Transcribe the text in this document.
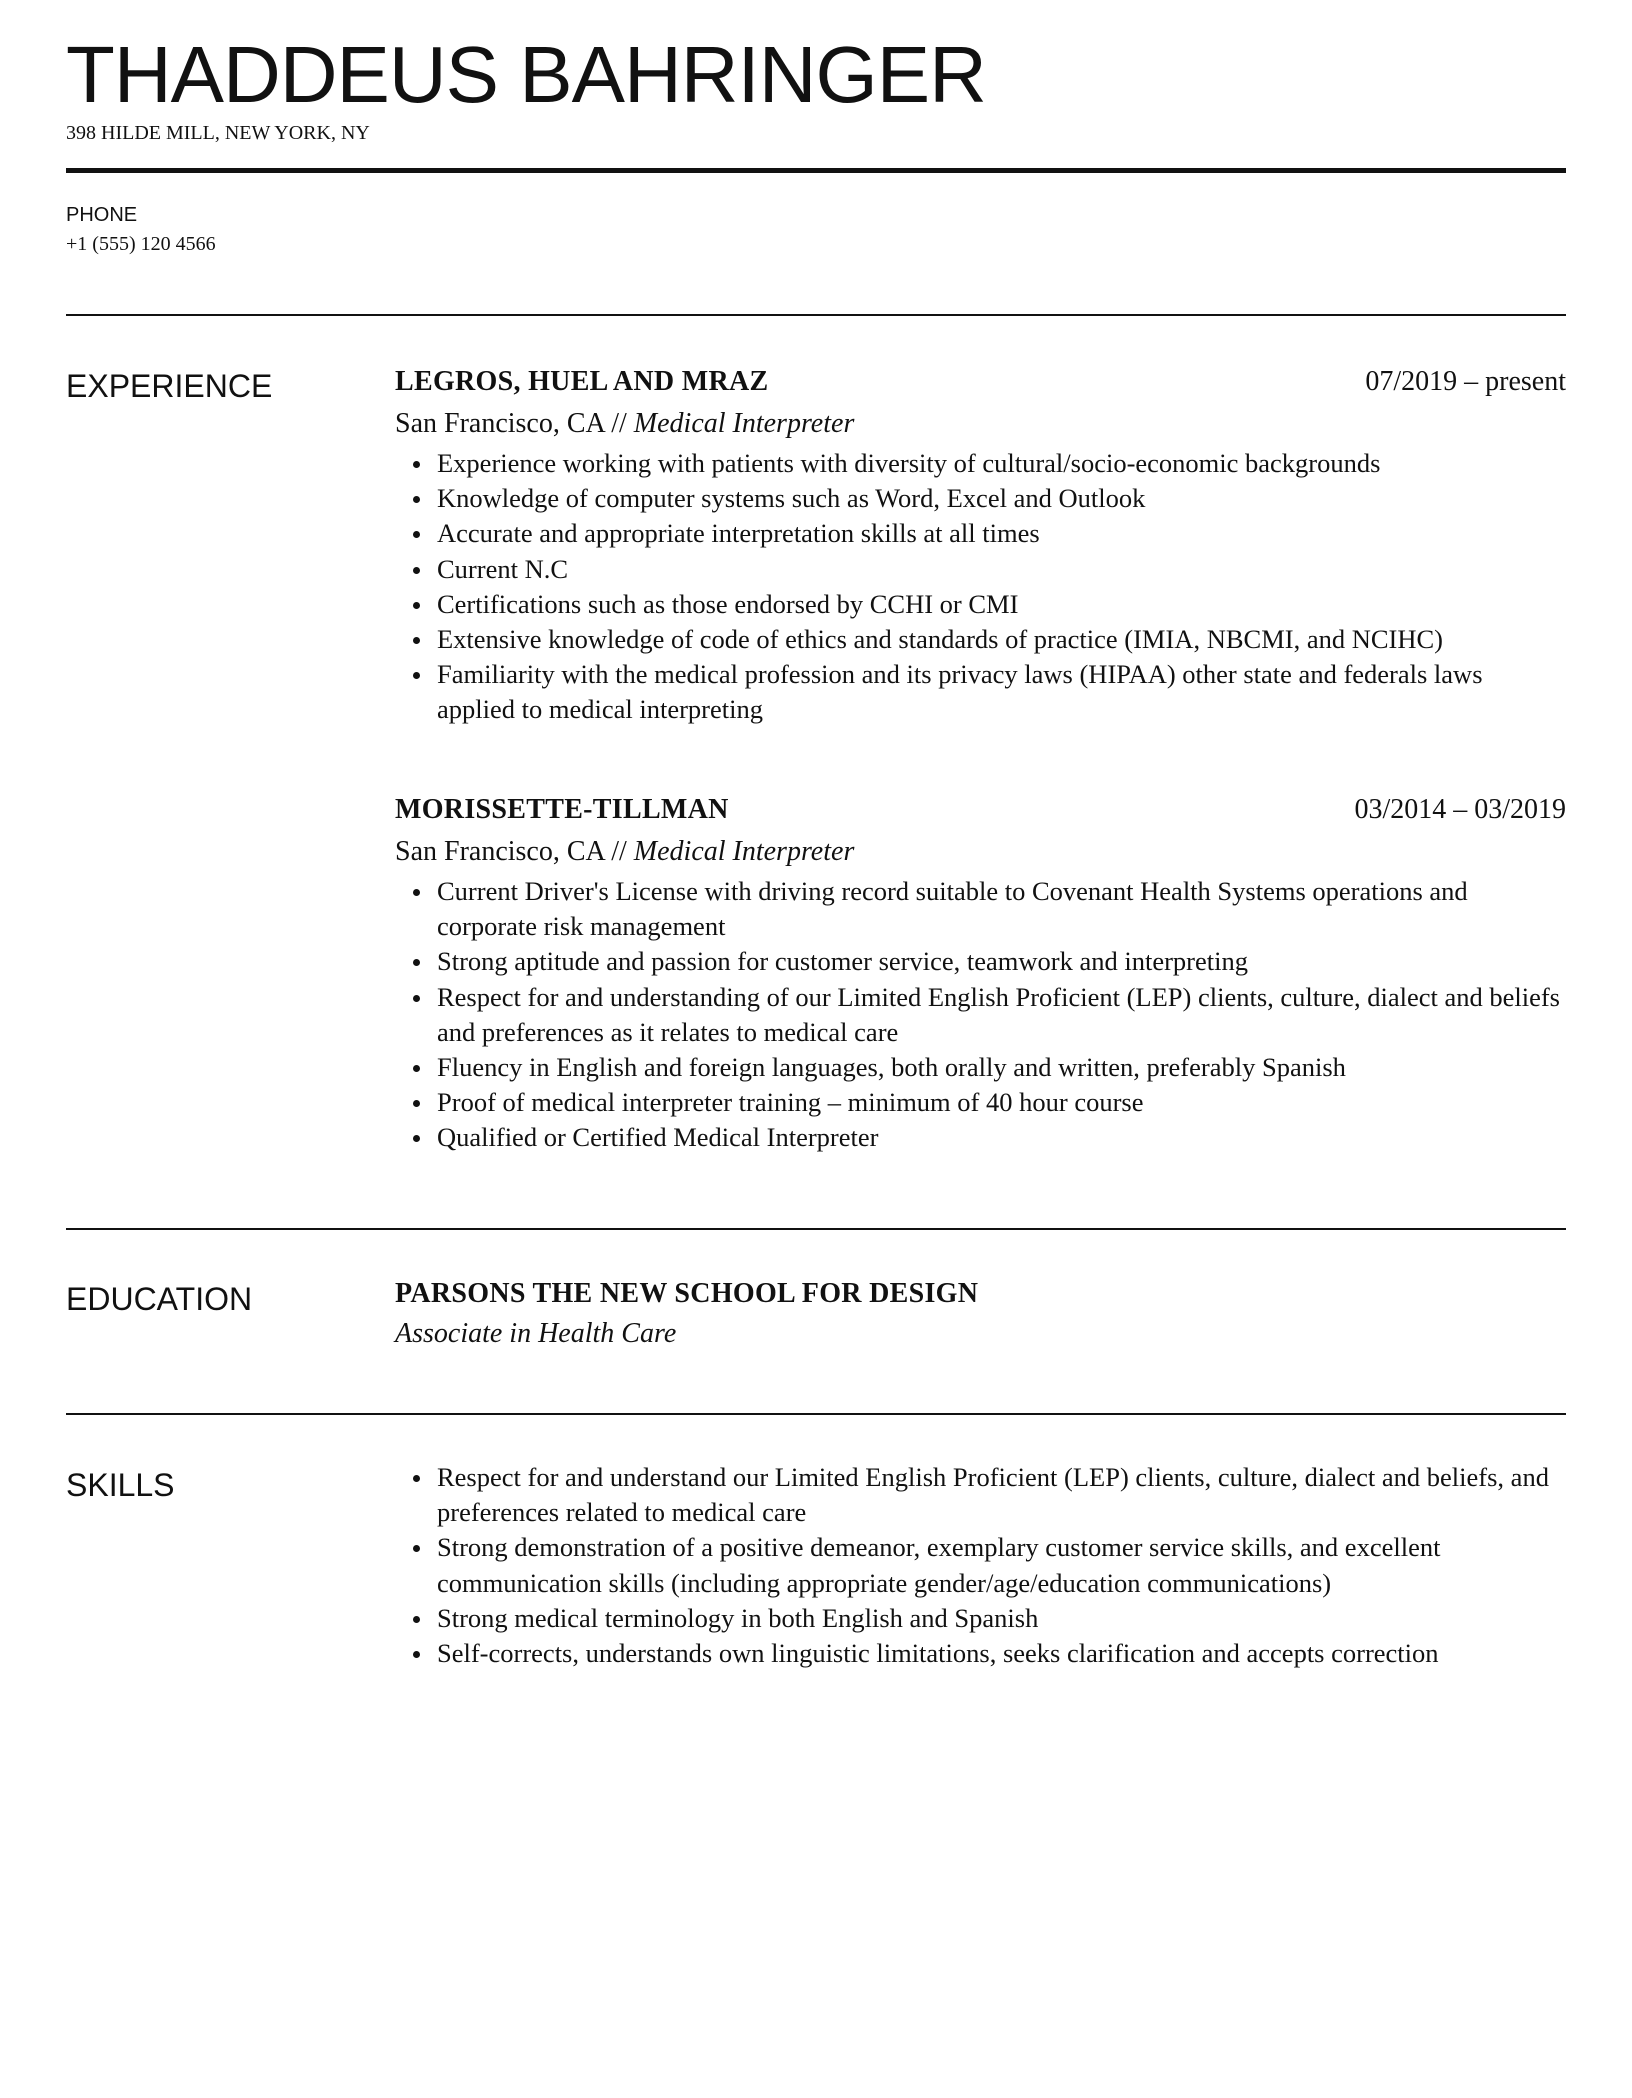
THADDEUS BAHRINGER
398 HILDE MILL, NEW YORK, NY
PHONE
+1 (555) 120 4566
EXPERIENCE	LEGROS, HUEL AND MRAZ	07/2019 – present
San Francisco, CA // Medical Interpreter
Experience working with patients with diversity of cultural/socio-economic backgrounds
Knowledge of computer systems such as Word, Excel and Outlook
Accurate and appropriate interpretation skills at all times
Current N.C
Certifications such as those endorsed by CCHI or CMI
Extensive knowledge of code of ethics and standards of practice (IMIA, NBCMI, and NCIHC)
Familiarity with the medical profession and its privacy laws (HIPAA) other state and federals laws applied to medical interpreting
MORISSETTE-TILLMAN	03/2014 – 03/2019
San Francisco, CA // Medical Interpreter
Current Driver's License with driving record suitable to Covenant Health Systems operations and corporate risk management
Strong aptitude and passion for customer service, teamwork and interpreting
Respect for and understanding of our Limited English Proficient (LEP) clients, culture, dialect and beliefs and preferences as it relates to medical care
Fluency in English and foreign languages, both orally and written, preferably Spanish
Proof of medical interpreter training – minimum of 40 hour course
Qualified or Certified Medical Interpreter
EDUCATION	PARSONS THE NEW SCHOOL FOR DESIGN
Associate in Health Care
SKILLS	Respect for and understand our Limited English Proficient (LEP) clients, culture, dialect and beliefs, and preferences related to medical care
Strong demonstration of a positive demeanor, exemplary customer service skills, and excellent communication skills (including appropriate gender/age/education communications)
Strong medical terminology in both English and Spanish
Self-corrects, understands own linguistic limitations, seeks clarification and accepts correction
